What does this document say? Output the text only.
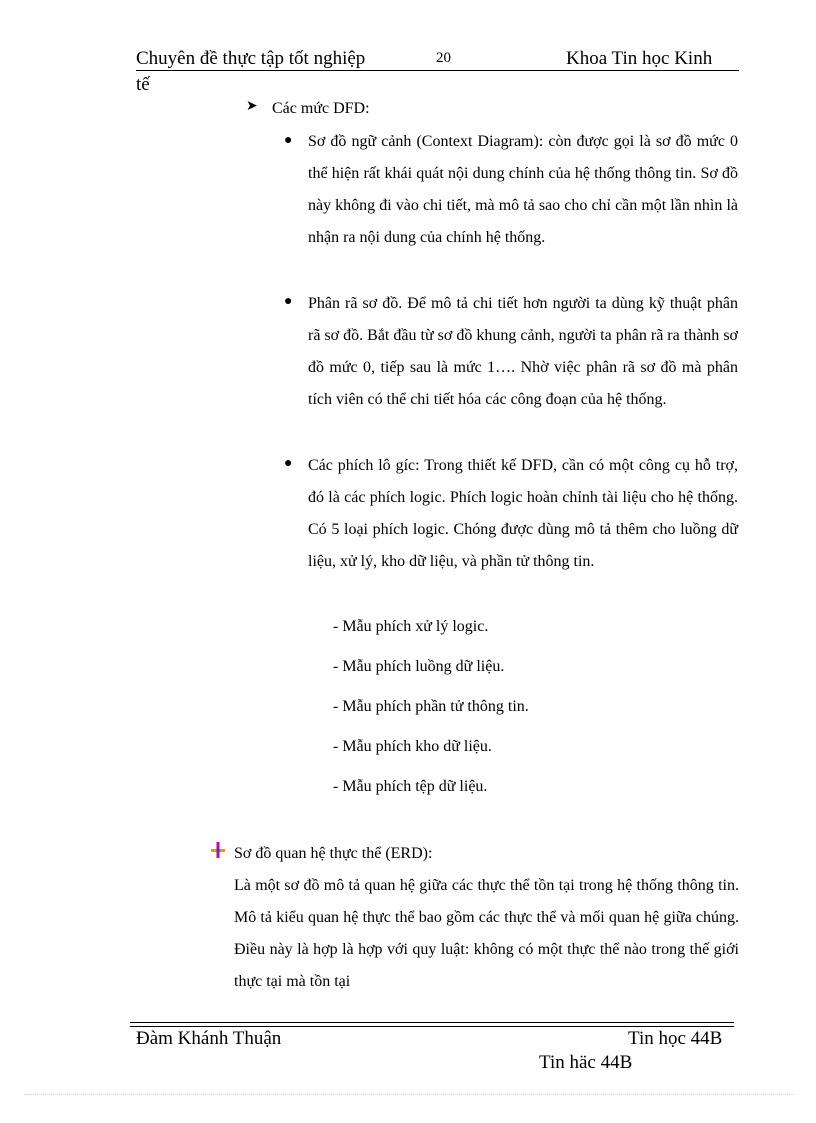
Chuyên đề thực tập tốt nghiệp	20	Khoa Tin học Kinh
tế
➤ Các mức DFD:
● Sơ đồ ngữ cảnh (Context Diagram): còn được gọi là sơ đồ mức 0 thể hiện rất khái quát nội dung chính của hệ thống thông tin. Sơ đồ này không đi vào chi tiết, mà mô tả sao cho chỉ cần một lần nhìn là nhận ra nội dung của chính hệ thống.
● Phân rã sơ đồ. Để mô tả chi tiết hơn người ta dùng kỹ thuật phân rã sơ đồ. Bắt đầu từ sơ đồ khung cảnh, người ta phân rã ra thành sơ đồ mức 0, tiếp sau là mức 1…. Nhờ việc phân rã sơ đồ mà phân tích viên có thể chi tiết hóa các công đoạn của hệ thống.
● Các phích lô gíc: Trong thiết kế DFD, cần có một công cụ hỗ trợ, đó là các phích logic. Phích logic hoàn chỉnh tài liệu cho hệ thống. Có 5 loại phích logic. Chóng được dùng mô tả thêm cho luồng dữ liệu, xử lý, kho dữ liệu, và phần tử thông tin.
- Mẫu phích xử lý logic.
- Mẫu phích luồng dữ liệu.
- Mẫu phích phần tử thông tin.
- Mẫu phích kho dữ liệu.
- Mẫu phích tệp dữ liệu.
Sơ đồ quan hệ thực thể (ERD):
Là một sơ đồ mô tả quan hệ giữa các thực thể tồn tại trong hệ thống thông tin. Mô tả kiểu quan hệ thực thể bao gồm các thực thể và mối quan hệ giữa chúng. Điều này là hợp là hợp với quy luật: không có một thực thể nào trong thế giới thực tại mà tồn tại
Đàm Khánh Thuận	Tin học 44B
Tin häc 44B
